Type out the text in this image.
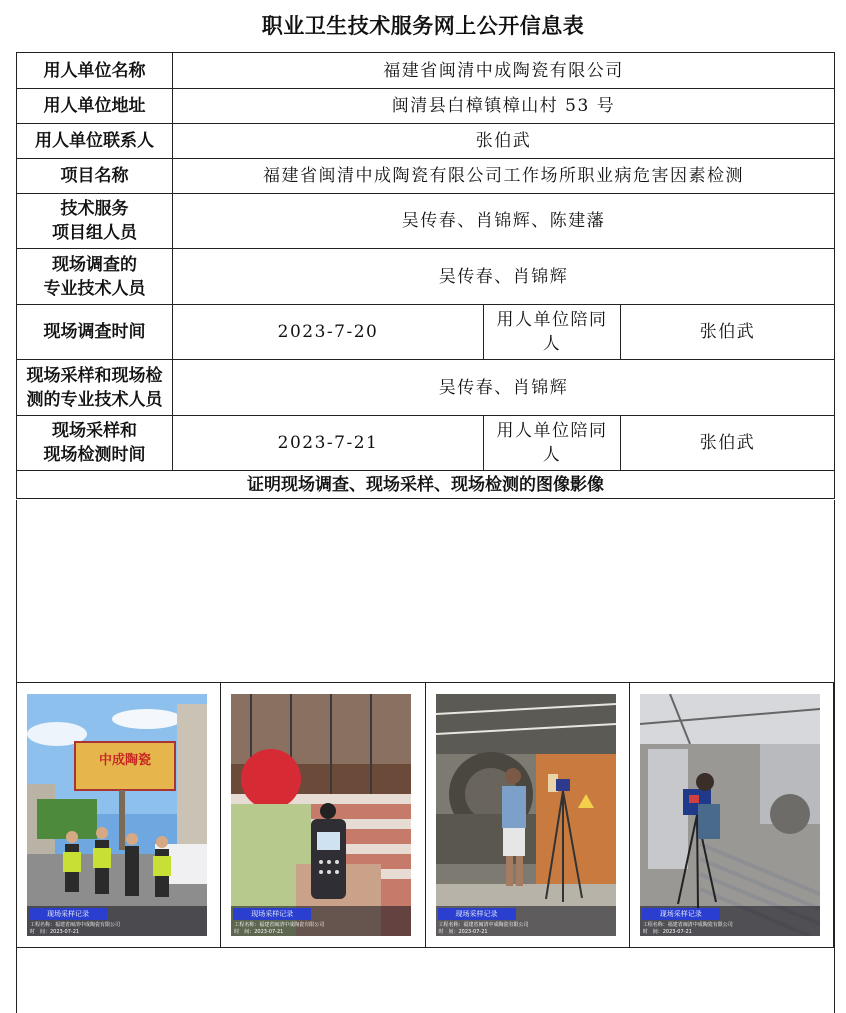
职业卫生技术服务网上公开信息表
用人单位名称	福建省闽清中成陶瓷有限公司		
用人单位地址	闽清县白樟镇樟山村 53 号		
用人单位联系人	张伯武		
项目名称	福建省闽清中成陶瓷有限公司工作场所职业病危害因素检测		

技术服务
项目组人员	吴传春、肖锦辉、陈建藩		

现场调查的
专业技术人员	吴传春、肖锦辉		
现场调查时间	2023-7-20	用人单位陪同人	张伯武

现场采样和现场检
测的专业技术人员	吴传春、肖锦辉		

现场采样和
现场检测时间	2023-7-21	用人单位陪同人	张伯武
证明现场调查、现场采样、现场检测的图像影像			
中成陶瓷
现场采样记录
工程名称：福建省闽清中成陶瓷有限公司
时　间：2023-07-21
现场采样记录
工程名称：福建省闽清中成陶瓷有限公司
时　间：2023-07-21
现场采样记录
工程名称：福建省闽清中成陶瓷有限公司
时　间：2023-07-21
现场采样记录
工程名称：福建省闽清中成陶瓷有限公司
时　间：2023-07-21
